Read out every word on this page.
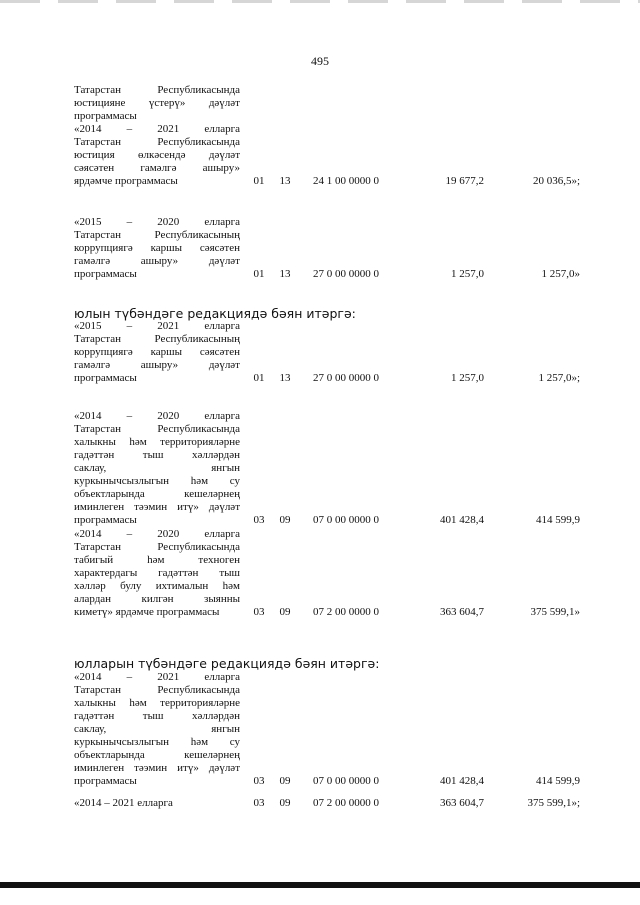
495
Татарстан Республикасында
юстицияне үстерү» дәүләт
программасы
«2014 – 2021 елларга
Татарстан Республикасында
юстиция өлкәсендә дәүләт
сәясәтен гамәлгә ашыру»
ярдәмче программасы	01	13	24 1 00 0000 0	19 677,2	20 036,5»;
«2015 – 2020 елларга
Татарстан Республикасының
коррупциягә каршы сәясәтен
гамәлгә ашыру» дәүләт
программасы	01	13	27 0 00 0000 0	1 257,0	1 257,0»
юлын түбәндәге редакциядә бәян итәргә:
«2015 – 2021 елларга
Татарстан Республикасының
коррупциягә каршы сәясәтен
гамәлгә ашыру» дәүләт
программасы	01	13	27 0 00 0000 0	1 257,0	1 257,0»;
«2014 – 2020 елларга
Татарстан Республикасында
халыкны һәм территорияләрне
гадәттән тыш хәлләрдән
саклау, янгын
куркынычсызлыгын һәм су
объектларында кешеләрнең
иминлеген тәэмин итү» дәүләт
программасы	03	09	07 0 00 0000 0	401 428,4	414 599,9
«2014 – 2020 елларга
Татарстан Республикасында
табигый һәм техноген
характердагы гадәттән тыш
хәлләр булу ихтималын һәм
алардан килгән зыянны
киметү» ярдәмче программасы	03	09	07 2 00 0000 0	363 604,7	375 599,1»
юлларын түбәндәге редакциядә бәян итәргә:
«2014 – 2021 елларга
Татарстан Республикасында
халыкны һәм территорияләрне
гадәттән тыш хәлләрдән
саклау, янгын
куркынычсызлыгын һәм су
объектларында кешеләрнең
иминлеген тәэмин итү» дәүләт
программасы	03	09	07 0 00 0000 0	401 428,4	414 599,9
«2014 – 2021 елларга	03	09	07 2 00 0000 0	363 604,7	375 599,1»;
